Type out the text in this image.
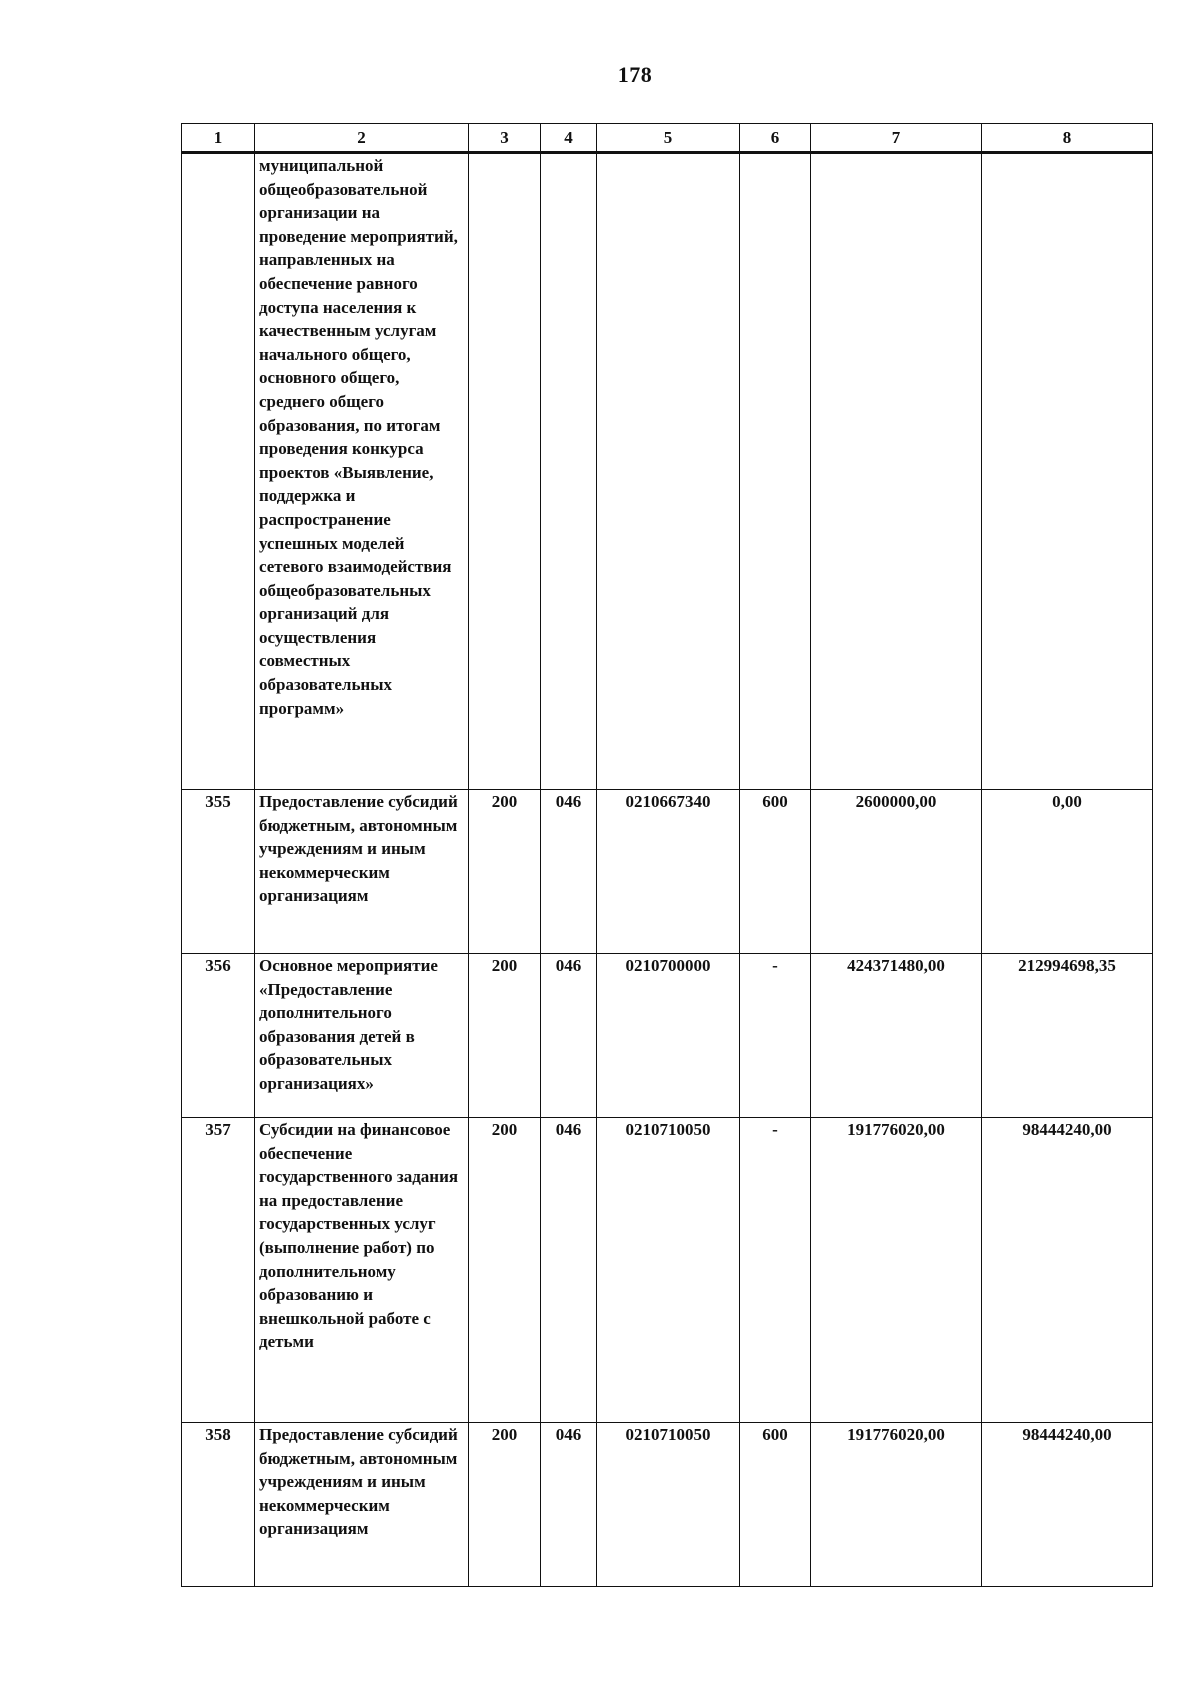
178
1	2	3	4	5	6	7	8
	муниципальной общеобразовательной организации на проведение мероприятий, направленных на обеспечение равного доступа населения к качественным услугам начального общего, основного общего, среднего общего образования, по итогам проведения конкурса проектов «Выявление, поддержка и распространение успешных моделей сетевого взаимодействия общеобразовательных организаций для осуществления совместных образовательных программ»						
355	Предоставление субсидий бюджетным, автономным учреждениям и иным некоммерческим организациям	200	046	0210667340	600	2600000,00	0,00
356	Основное мероприятие «Предоставление дополнительного образования детей в образовательных организациях»	200	046	0210700000	-	424371480,00	212994698,35
357	Субсидии на финансовое обеспечение государственного задания на предоставление государственных услуг (выполнение работ) по дополнительному образованию и внешкольной работе с детьми	200	046	0210710050	-	191776020,00	98444240,00
358	Предоставление субсидий бюджетным, автономным учреждениям и иным некоммерческим организациям	200	046	0210710050	600	191776020,00	98444240,00
